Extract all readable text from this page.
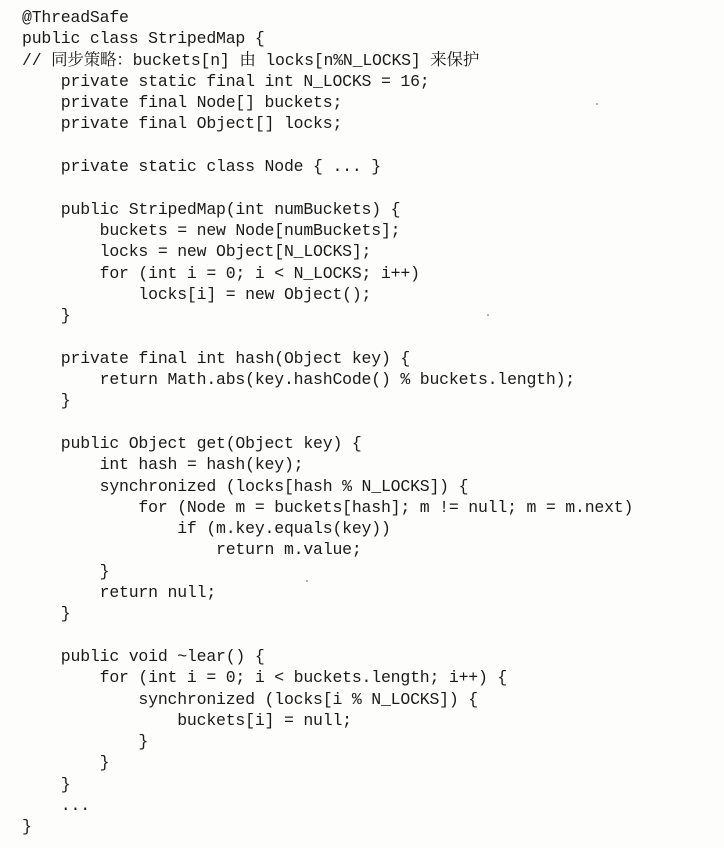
@ThreadSafe
public class StripedMap {
// 同步策略：buckets[n] 由 locks[n%N_LOCKS] 来保护
private static final int N_LOCKS = 16;
private final Node[] buckets;
private final Object[] locks;
private static class Node { ... }
public StripedMap(int numBuckets) {
buckets = new Node[numBuckets];
locks = new Object[N_LOCKS];
for (int i = 0; i < N_LOCKS; i++)
locks[i] = new Object();
}
private final int hash(Object key) {
return Math.abs(key.hashCode() % buckets.length);
}
public Object get(Object key) {
int hash = hash(key);
synchronized (locks[hash % N_LOCKS]) {
for (Node m = buckets[hash]; m != null; m = m.next)
if (m.key.equals(key))
return m.value;
}
return null;
}
public void ~lear() {
for (int i = 0; i < buckets.length; i++) {
synchronized (locks[i % N_LOCKS]) {
buckets[i] = null;
}
}
}
...
}
